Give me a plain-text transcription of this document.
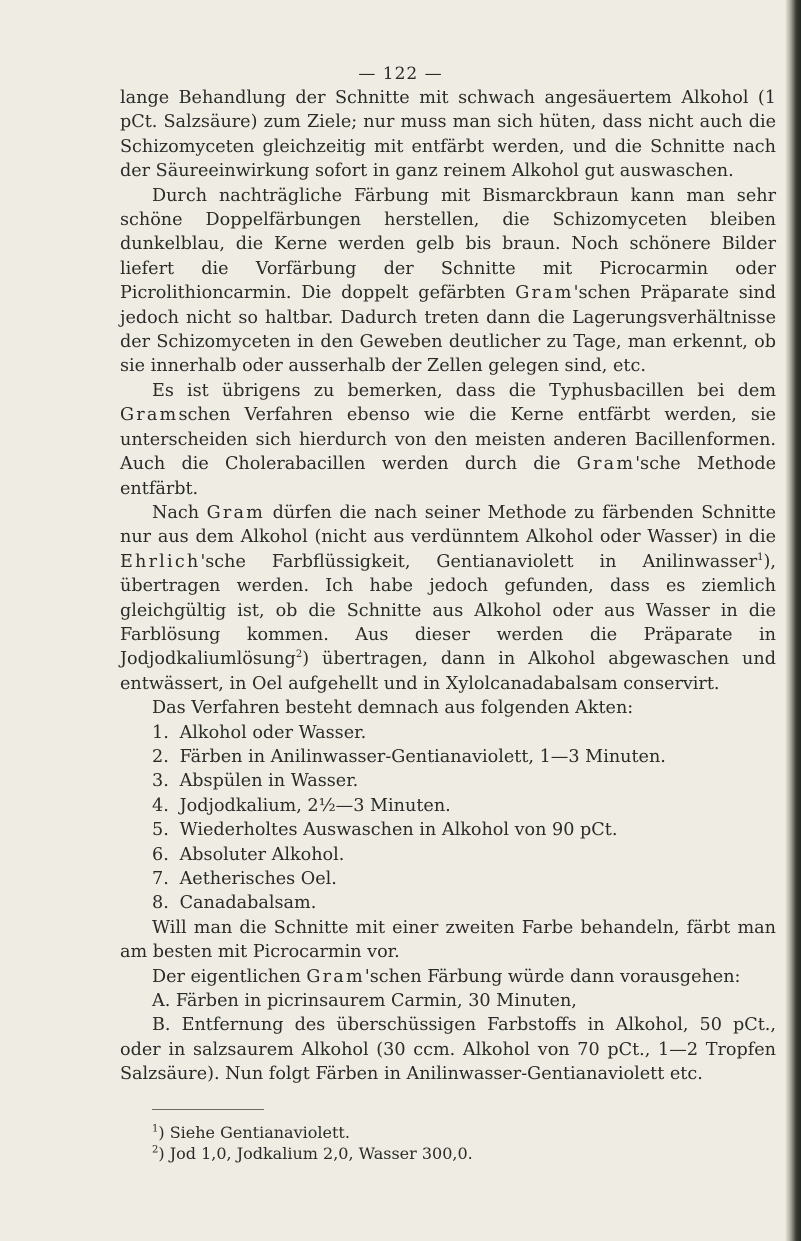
— 122 —

lange Behandlung der Schnitte mit schwach angesäuertem Alkohol (1 pCt. Salzsäure) zum Ziele; nur muss man sich hüten, dass nicht auch die Schizomyceten gleichzeitig mit entfärbt werden, und die Schnitte nach der Säureeinwirkung sofort in ganz reinem Alkohol gut auswaschen.

Durch nachträgliche Färbung mit Bismarckbraun kann man sehr schöne Doppelfärbungen herstellen, die Schizomyceten bleiben dunkelblau, die Kerne werden gelb bis braun. Noch schönere Bilder liefert die Vorfärbung der Schnitte mit Picrocarmin oder Picrolithioncarmin. Die doppelt gefärbten Gram'schen Präparate sind jedoch nicht so haltbar. Dadurch treten dann die Lagerungsverhältnisse der Schizomyceten in den Geweben deutlicher zu Tage, man erkennt, ob sie innerhalb oder ausserhalb der Zellen gelegen sind, etc.

Es ist übrigens zu bemerken, dass die Typhusbacillen bei dem Gramschen Verfahren ebenso wie die Kerne entfärbt werden, sie unterscheiden sich hierdurch von den meisten anderen Bacillenformen. Auch die Cholerabacillen werden durch die Gram'sche Methode entfärbt.

Nach Gram dürfen die nach seiner Methode zu färbenden Schnitte nur aus dem Alkohol (nicht aus verdünntem Alkohol oder Wasser) in die Ehrlich'sche Farbflüssigkeit, Gentianaviolett in Anilinwasser$^1$), übertragen werden. Ich habe jedoch gefunden, dass es ziemlich gleichgültig ist, ob die Schnitte aus Alkohol oder aus Wasser in die Farblösung kommen. Aus dieser werden die Präparate in Jodjodkaliumlösung$^2$) übertragen, dann in Alkohol abgewaschen und entwässert, in Oel aufgehellt und in Xylolcanadabalsam conservirt.

Das Verfahren besteht demnach aus folgenden Akten:

1. Alkohol oder Wasser.
2. Färben in Anilinwasser-Gentianaviolett, 1—3 Minuten.
3. Abspülen in Wasser.
4. Jodjodkalium, 2½—3 Minuten.
5. Wiederholtes Auswaschen in Alkohol von 90 pCt.
6. Absoluter Alkohol.
7. Aetherisches Oel.
8. Canadabalsam.

Will man die Schnitte mit einer zweiten Farbe behandeln, färbt man am besten mit Picrocarmin vor.

Der eigentlichen Gram'schen Färbung würde dann vorausgehen:

A. Färben in picrinsaurem Carmin, 30 Minuten,

B. Entfernung des überschüssigen Farbstoffs in Alkohol, 50 pCt., oder in salzsaurem Alkohol (30 ccm. Alkohol von 70 pCt., 1—2 Tropfen Salzsäure). Nun folgt Färben in Anilinwasser-Gentianaviolett etc.

$^1$) Siehe Gentianaviolett.

$^2$) Jod 1,0, Jodkalium 2,0, Wasser 300,0.
